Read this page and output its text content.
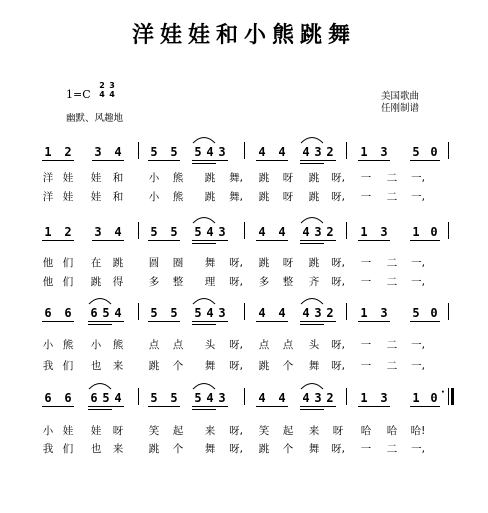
洋娃娃和小熊跳舞
1=C
2
4
3
4
幽默、风趣地
美国歌曲
任刚制谱
1 2 3 4 5 5 5 4 3	4 4 4 3 2 1 3 5 0
洋 娃 娃 和 小 熊 跳 舞, 跳 呀 跳 呀, 一 二 一,
洋 娃 娃 和 小 熊 跳 舞, 跳 呀 跳 呀, 一 二 一,
1 2 3 4 5 5 5 4 3	4 4 4 3 2 1 3 1 0
他 们 在 跳 圆 圈 舞 呀, 跳 呀 跳 呀, 一 二 一,
他 们 跳 得 多 整 理 呀, 多 整 齐 呀, 一 二 一,
6 6 6 5 4 5 5 5 4 3	4 4 4 3 2 1 3 5 0
小 熊 小 熊 点 点 头 呀, 点 点 头 呀, 一 二 一,
我 们 也 来 跳 个 舞 呀, 跳 个 舞 呀, 一 二 一,
6 6 6 5 4 5 5 5 4 3	4 4 4 3 2 1 3 1 0 ·
小 娃 娃 呀 笑 起 来 呀, 笑 起 来 呀 哈 哈 哈!
我 们 也 来 跳 个 舞 呀, 跳 个 舞 呀, 一 二 一,
